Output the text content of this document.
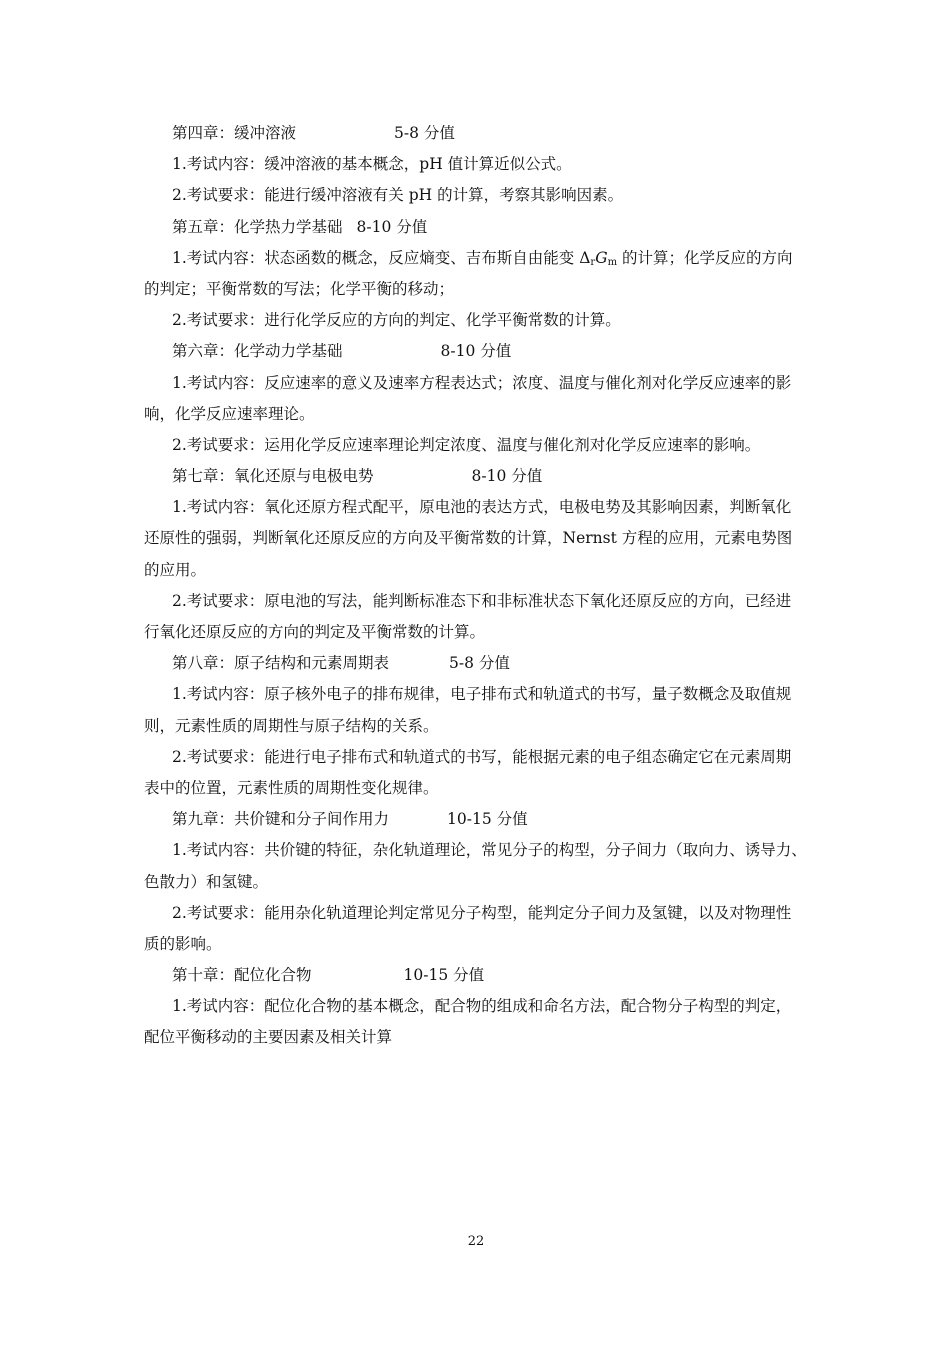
第四章：缓冲溶液	5-8 分值
1.考试内容：缓冲溶液的基本概念，pH 值计算近似公式。
2.考试要求：能进行缓冲溶液有关 pH 的计算，考察其影响因素。
第五章：化学热力学基础 8-10 分值
1.考试内容：状态函数的概念，反应熵变、吉布斯自由能变 $\Delta_rG_m$ 的计算；化学反应的方向
的判定；平衡常数的写法；化学平衡的移动；
2.考试要求：进行化学反应的方向的判定、化学平衡常数的计算。
第六章：化学动力学基础	8-10 分值
1.考试内容：反应速率的意义及速率方程表达式；浓度、温度与催化剂对化学反应速率的影
响，化学反应速率理论。
2.考试要求：运用化学反应速率理论判定浓度、温度与催化剂对化学反应速率的影响。
第七章：氧化还原与电极电势	8-10 分值
1.考试内容：氧化还原方程式配平，原电池的表达方式，电极电势及其影响因素，判断氧化
还原性的强弱，判断氧化还原反应的方向及平衡常数的计算，Nernst 方程的应用，元素电势图
的应用。
2.考试要求：原电池的写法，能判断标准态下和非标准状态下氧化还原反应的方向，已经进
行氧化还原反应的方向的判定及平衡常数的计算。
第八章：原子结构和元素周期表	5-8 分值
1.考试内容：原子核外电子的排布规律，电子排布式和轨道式的书写，量子数概念及取值规
则，元素性质的周期性与原子结构的关系。
2.考试要求：能进行电子排布式和轨道式的书写，能根据元素的电子组态确定它在元素周期
表中的位置，元素性质的周期性变化规律。
第九章：共价键和分子间作用力	10-15 分值
1.考试内容：共价键的特征，杂化轨道理论，常见分子的构型，分子间力（取向力、诱导力、
色散力）和氢键。
2.考试要求：能用杂化轨道理论判定常见分子构型，能判定分子间力及氢键，以及对物理性
质的影响。
第十章：配位化合物	10-15 分值
1.考试内容：配位化合物的基本概念，配合物的组成和命名方法，配合物分子构型的判定，
配位平衡移动的主要因素及相关计算
22
